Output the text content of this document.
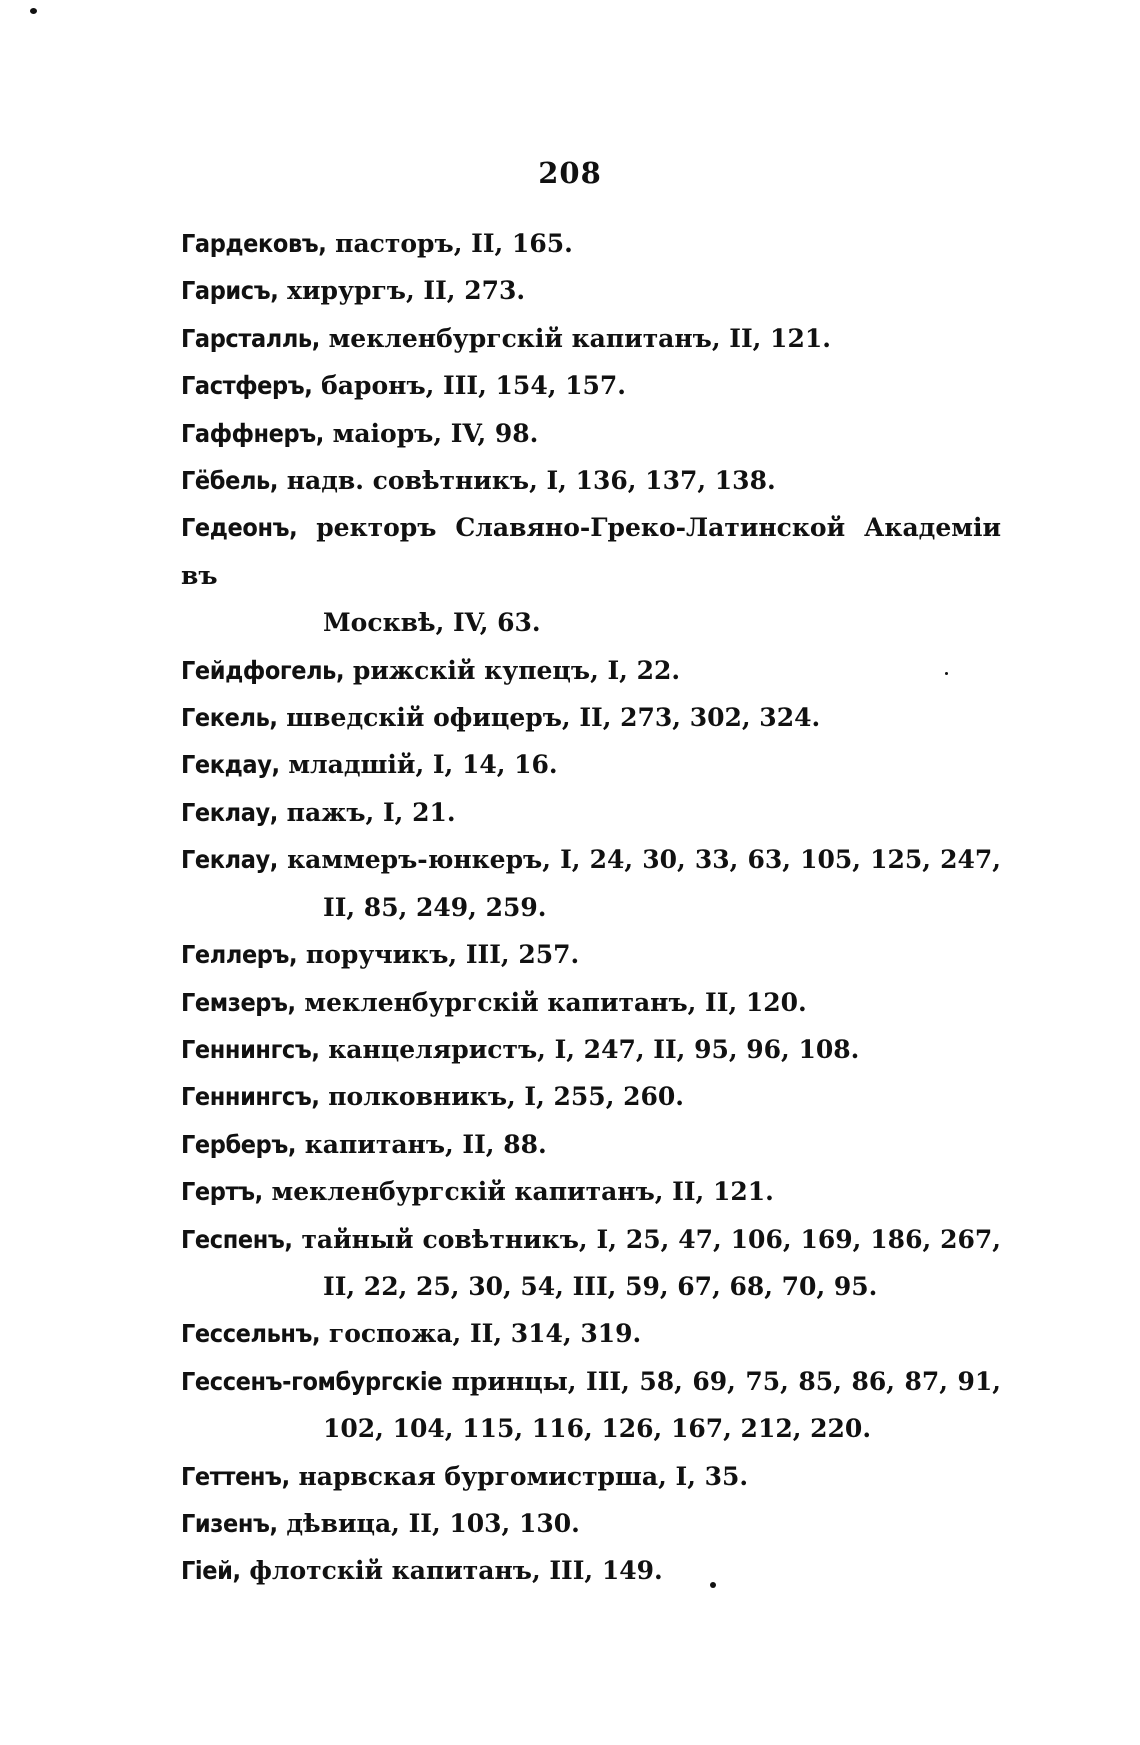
208
Гардековъ, пасторъ, II, 165.
Гарисъ, хирургъ, II, 273.
Гарсталль, мекленбургскій капитанъ, II, 121.
Гастферъ, баронъ, III, 154, 157.
Гаффнеръ, маіоръ, IV, 98.
Гёбель, надв. совѣтникъ, I, 136, 137, 138.
Гедеонъ, ректоръ Славяно-Греко-Латинской Академіи въ
Москвѣ, IV, 63.
Гейдфогель, рижскій купецъ, I, 22.
Гекель, шведскій офицеръ, II, 273, 302, 324.
Гекдау, младшій, I, 14, 16.
Геклау, пажъ, I, 21.
Геклау, каммеръ-юнкеръ, I, 24, 30, 33, 63, 105, 125, 247,
II, 85, 249, 259.
Геллеръ, поручикъ, III, 257.
Гемзеръ, мекленбургскій капитанъ, II, 120.
Геннингсъ, канцеляристъ, I, 247, II, 95, 96, 108.
Геннингсъ, полковникъ, I, 255, 260.
Герберъ, капитанъ, II, 88.
Гертъ, мекленбургскій капитанъ, II, 121.
Геспенъ, тайный совѣтникъ, I, 25, 47, 106, 169, 186, 267,
II, 22, 25, 30, 54, III, 59, 67, 68, 70, 95.
Гессельнъ, госпожа, II, 314, 319.
Гессенъ-гомбургскіе принцы, III, 58, 69, 75, 85, 86, 87, 91,
102, 104, 115, 116, 126, 167, 212, 220.
Геттенъ, нарвская бургомистрша, I, 35.
Гизенъ, дѣвица, II, 103, 130.
Гіей, флотскій капитанъ, III, 149.
